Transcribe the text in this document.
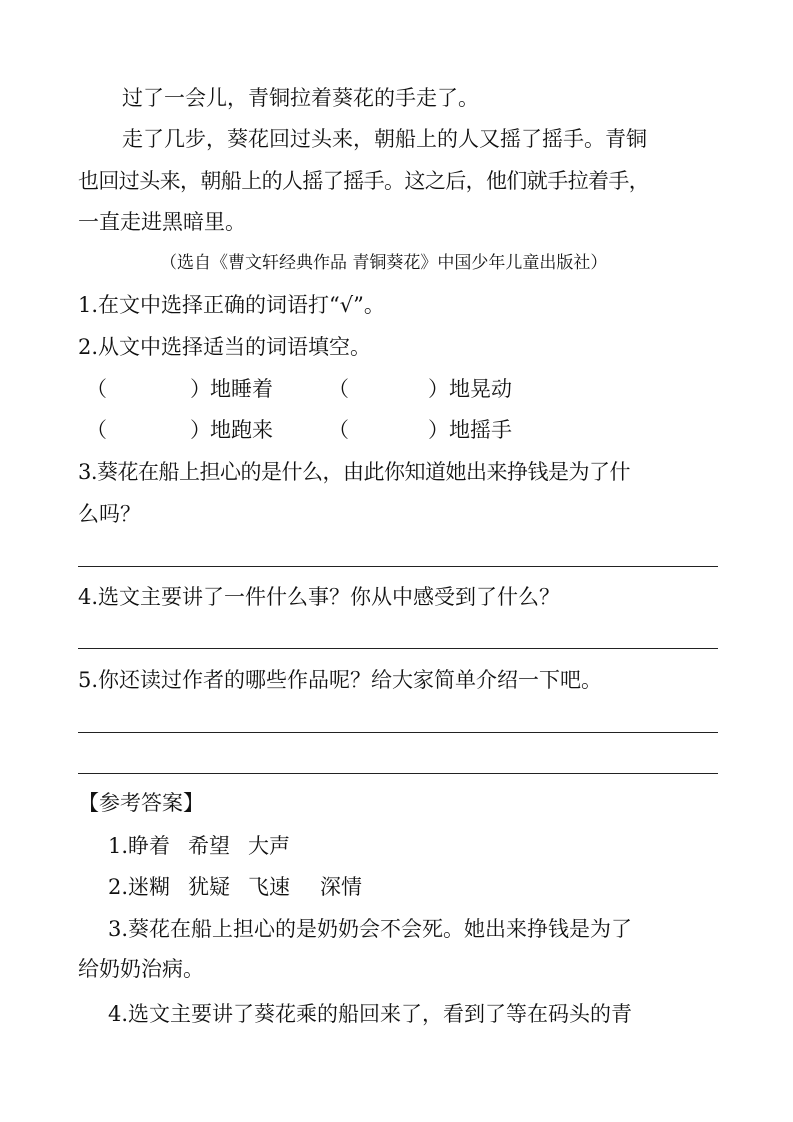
过了一会儿，青铜拉着葵花的手走了。
走了几步，葵花回过头来，朝船上的人又摇了摇手。青铜
也回过头来，朝船上的人摇了摇手。这之后，他们就手拉着手，
一直走进黑暗里。
（选自《曹文轩经典作品 青铜葵花》中国少年儿童出版社）
1.在文中选择正确的词语打“√”。
2.从文中选择适当的词语填空。
（	） 地睡着	（	） 地晃动
（	） 地跑来	（	） 地摇手
3.葵花在船上担心的是什么，由此你知道她出来挣钱是为了什
么吗？
4.选文主要讲了一件什么事？你从中感受到了什么？
5.你还读过作者的哪些作品呢？给大家简单介绍一下吧。
【参考答案】
1.睁着 希望 大声
2.迷糊 犹疑 飞速 深情
3.葵花在船上担心的是奶奶会不会死。她出来挣钱是为了
给奶奶治病。
4.选文主要讲了葵花乘的船回来了，看到了等在码头的青
